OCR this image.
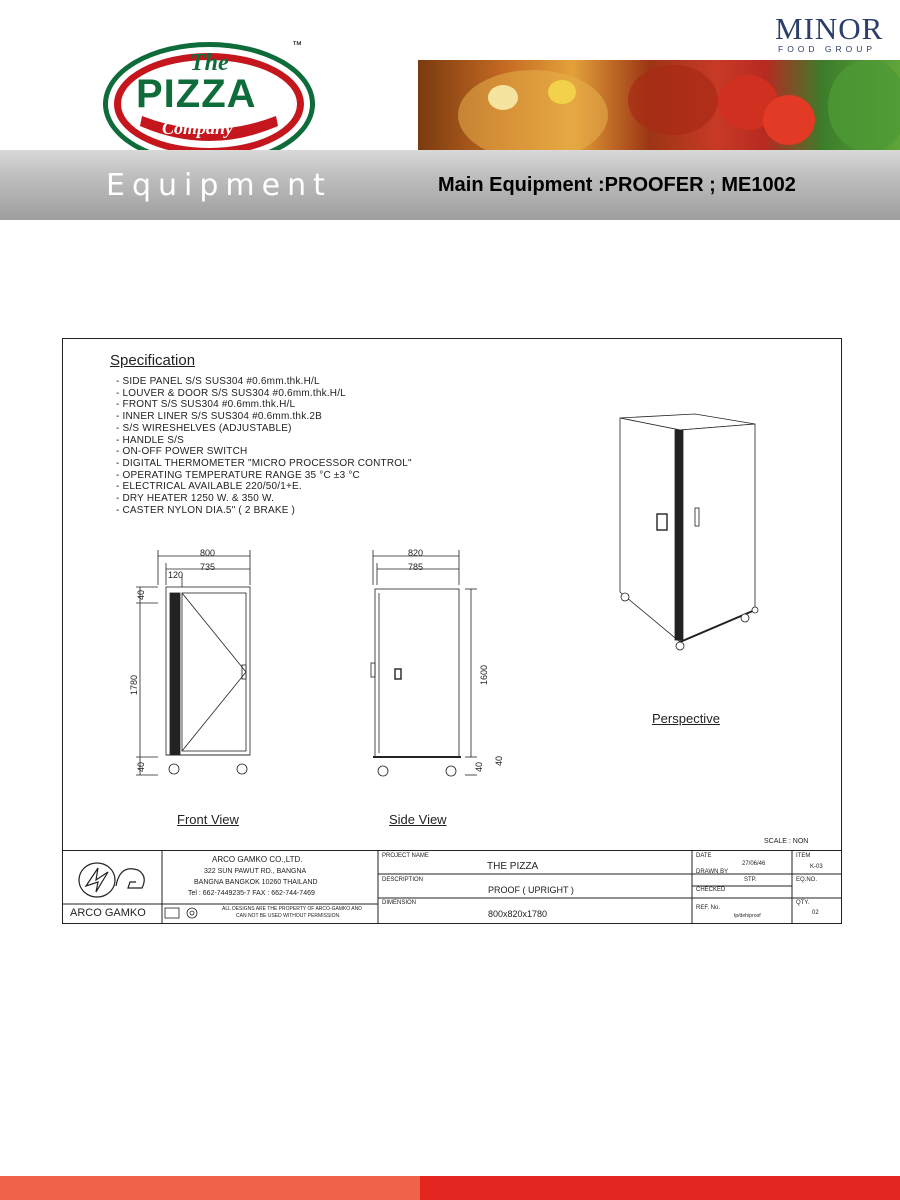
The
PIZZA
Company
™	MINOR
FOOD GROUP
Equipment	Main Equipment :PROOFER ; ME1002
Specification
- SIDE PANEL S/S SUS304 #0.6mm.thk.H/L
- LOUVER & DOOR S/S SUS304 #0.6mm.thk.H/L
- FRONT S/S SUS304 #0.6mm.thk.H/L
- INNER LINER S/S SUS304 #0.6mm.thk.2B
- S/S WIRESHELVES (ADJUSTABLE)
- HANDLE S/S
- ON-OFF POWER SWITCH
- DIGITAL THERMOMETER "MICRO PROCESSOR CONTROL"
- OPERATING TEMPERATURE RANGE 35 °C ±3 °C
- ELECTRICAL AVAILABLE 220/50/1+E.
- DRY HEATER 1250 W. & 350 W.
- CASTER NYLON DIA.5" ( 2 BRAKE )
800
735
120
40
1780
40
Front View
820
785
1600
40
40
Side View
Perspective
SCALE : NON
ARCO GAMKO
ARCO GAMKO CO.,LTD.
322 SUN PAWUT RD., BANGNA
BANGNA BANGKOK 10260 THAILAND
Tel : 662-7449235-7 FAX : 662-744-7469
ALL DESIGNS ARE THE PROPERTY OF ARCO-GAMKO AND
CAN NOT BE USED WITHOUT PERMISSION.
PROJECT NAME
THE PIZZA
DESCRIPTION
PROOF ( UPRIGHT )
DIMENSION
800x820x1780
DATE
27/06/46
DRAWN BY
STP.
CHECKED
REF. No.
tp/deh/proof
ITEM
K-03
EQ.NO.
QTY.
02
